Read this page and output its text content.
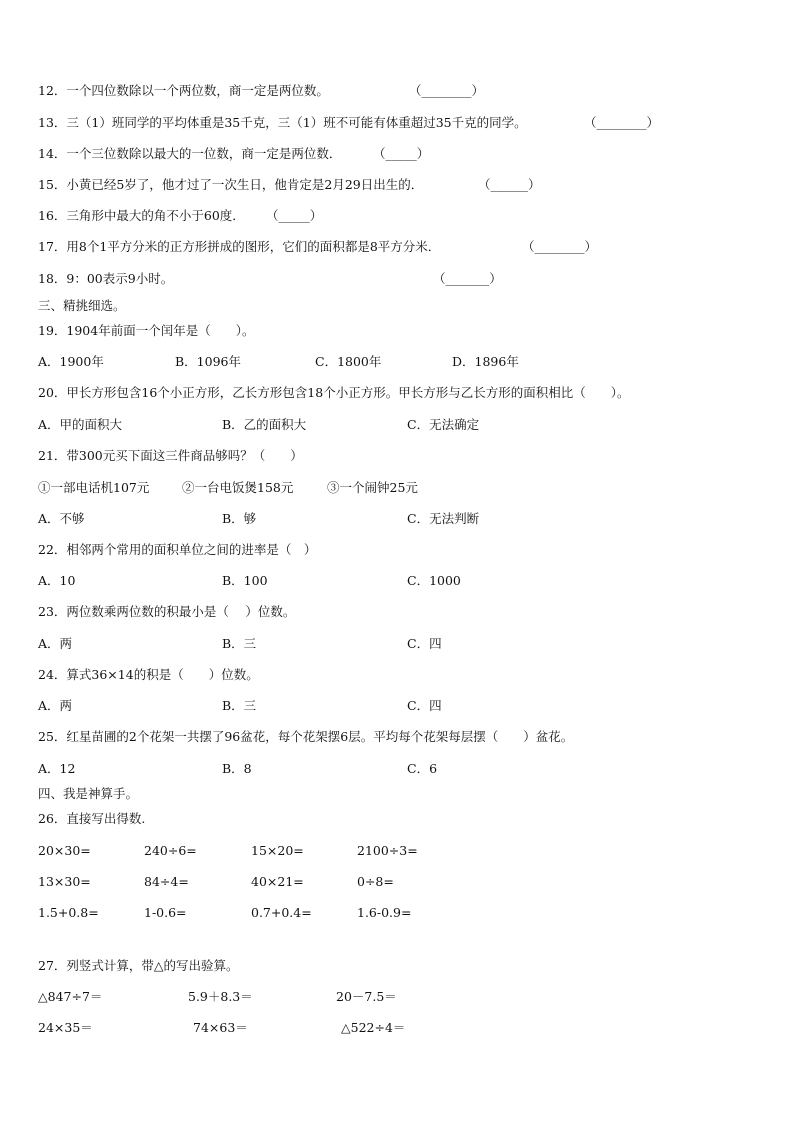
12．一个四位数除以一个两位数，商一定是两位数。	（________）
13．三（1）班同学的平均体重是35千克，三（1）班不可能有体重超过35千克的同学。	（________）
14．一个三位数除以最大的一位数，商一定是两位数．	（_____）
15．小黄已经5岁了，他才过了一次生日，他肯定是2月29日出生的．	（______）
16．三角形中最大的角不小于60度． （_____）
17．用8个1平方分米的正方形拼成的图形，它们的面积都是8平方分米．	（________）
18．9：00表示9小时。	（_______）
三、精挑细选。
19．1904年前面一个闰年是（　　）。
A．1900年	B．1096年	C．1800年	D．1896年
20．甲长方形包含16个小正方形，乙长方形包含18个小正方形。甲长方形与乙长方形的面积相比（　　）。
A．甲的面积大	B．乙的面积大	C．无法确定
21．带300元买下面这三件商品够吗？（　　）
①一部电话机107元	②一台电饭煲158元	③一个闹钟25元
A．不够	B．够	C．无法判断
22．相邻两个常用的面积单位之间的进率是（　）
A．10	B．100	C．1000
23．两位数乘两位数的积最小是（　 ）位数。
A．两	B．三	C．四
24．算式36×14的积是（　　）位数。
A．两	B．三	C．四
25．红星苗圃的2个花架一共摆了96盆花，每个花架摆6层。平均每个花架每层摆（　　）盆花。
A．12	B．8	C．6
四、我是神算手。
26．直接写出得数.
20×30=	240÷6=	15×20=	2100÷3=
13×30=	84÷4=	40×21=	0÷8=
1.5+0.8=	1-0.6=	0.7+0.4=	1.6-0.9=
27．列竖式计算，带△的写出验算。
△847÷7＝	5.9＋8.3＝	20－7.5＝
24×35＝	74×63＝	△522÷4＝
